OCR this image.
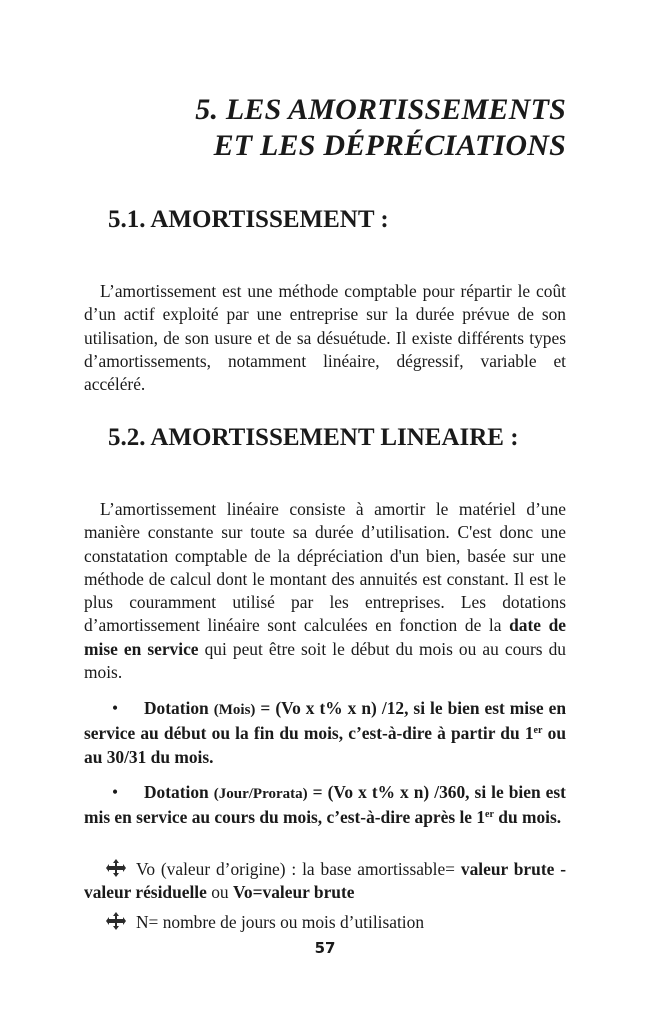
5. LES AMORTISSEMENTS
ET LES DÉPRÉCIATIONS
5.1. AMORTISSEMENT :
L’amortissement est une méthode comptable pour répartir le coût d’un actif exploité par une entreprise sur la durée prévue de son utilisation, de son usure et de sa désuétude. Il existe différents types d’amortissements, notamment linéaire, dégressif, variable et accéléré.
5.2. AMORTISSEMENT LINEAIRE :
L’amortissement linéaire consiste à amortir le matériel d’une manière constante sur toute sa durée d’utilisation. C'est donc une constatation comptable de la dépréciation d'un bien, basée sur une méthode de calcul dont le montant des annuités est constant. Il est le plus couramment utilisé par les entreprises. Les dotations d’amortissement linéaire sont calculées en fonction de la date de mise en service qui peut être soit le début du mois ou au cours du mois.
• Dotation (Mois) = (Vo x t% x n) /12, si le bien est mise en service au début ou la fin du mois, c’est-à-dire à partir du 1er ou au 30/31 du mois.
• Dotation (Jour/Prorata) = (Vo x t% x n) /360, si le bien est mis en service au cours du mois, c’est-à-dire après le 1er du mois.
Vo (valeur d’origine) : la base amortissable= valeur brute - valeur résiduelle ou Vo=valeur brute
N= nombre de jours ou mois d’utilisation
57
